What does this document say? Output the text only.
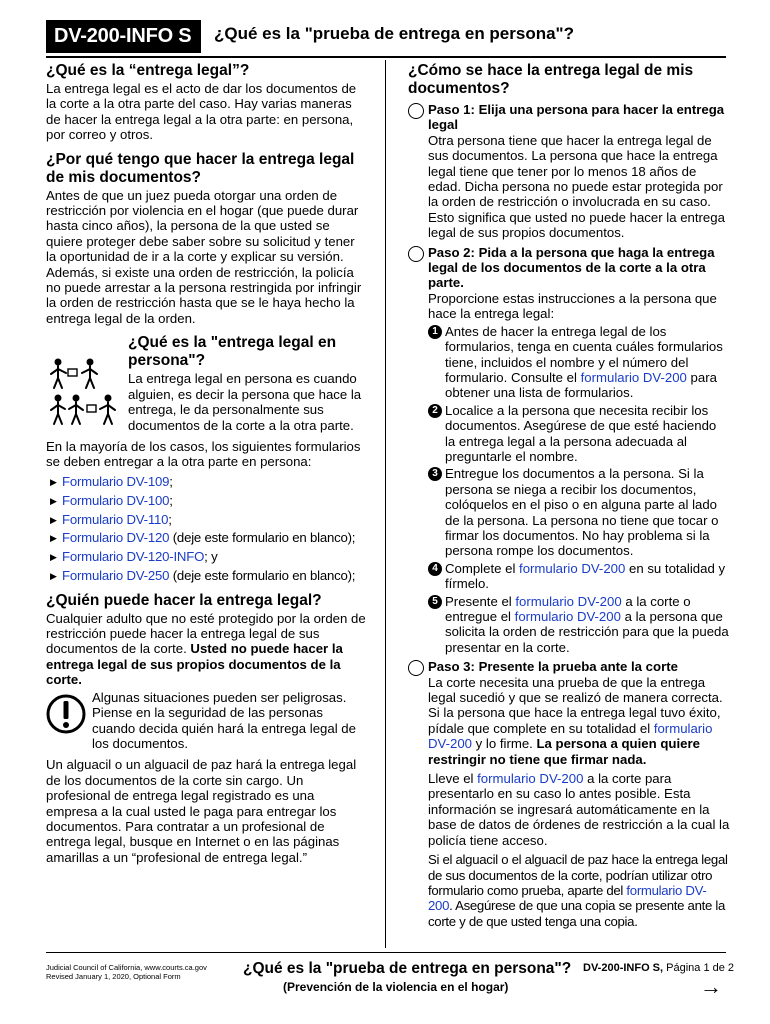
DV-200-INFO S	¿Qué es la "prueba de entrega en persona"?
¿Qué es la “entrega legal”?

La entrega legal es el acto de dar los documentos de la corte a la otra parte del caso. Hay varias maneras de hacer la entrega legal a la otra parte: en persona, por correo y otros.

¿Por qué tengo que hacer la entrega legal de mis documentos?

Antes de que un juez pueda otorgar una orden de restricción por violencia en el hogar (que puede durar hasta cinco años), la persona de la que usted se quiere proteger debe saber sobre su solicitud y tener la oportunidad de ir a la corte y explicar su versión. Además, si existe una orden de restricción, la policía no puede arrestar a la persona restringida por infringir la orden de restricción hasta que se le haya hecho la entrega legal de la orden.

¿Qué es la "entrega legal en persona"?

La entrega legal en persona es cuando alguien, es decir la persona que hace la entrega, le da personalmente sus documentos de la corte a la otra parte.

En la mayoría de los casos, los siguientes formularios se deben entregar a la otra parte en persona:

▶ Formulario DV-109;
▶ Formulario DV-100;
▶ Formulario DV-110;
▶ Formulario DV-120 (deje este formulario en blanco);
▶ Formulario DV-120-INFO; y
▶ Formulario DV-250 (deje este formulario en blanco);
¿Quién puede hacer la entrega legal?

Cualquier adulto que no esté protegido por la orden de restricción puede hacer la entrega legal de sus documentos de la corte. Usted no puede hacer la entrega legal de sus propios documentos de la corte.

Algunas situaciones pueden ser peligrosas. Piense en la seguridad de las personas cuando decida quién hará la entrega legal de los documentos.

Un alguacil o un alguacil de paz hará la entrega legal de los documentos de la corte sin cargo. Un profesional de entrega legal registrado es una empresa a la cual usted le paga para entregar los documentos. Para contratar a un profesional de entrega legal, busque en Internet o en las páginas amarillas a un “profesional de entrega legal.”

¿Cómo se hace la entrega legal de mis documentos?
Paso 1: Elija una persona para hacer la entrega legal

Otra persona tiene que hacer la entrega legal de sus documentos. La persona que hace la entrega legal tiene que tener por lo menos 18 años de edad. Dicha persona no puede estar protegida por la orden de restricción o involucrada en su caso. Esto significa que usted no puede hacer la entrega legal de sus propios documentos.

Paso 2: Pida a la persona que haga la entrega legal de los documentos de la corte a la otra parte.

Proporcione estas instrucciones a la persona que hace la entrega legal:

1 Antes de hacer la entrega legal de los formularios, tenga en cuenta cuáles formularios tiene, incluidos el nombre y el número del formulario. Consulte el formulario DV-200 para obtener una lista de formularios.
2 Localice a la persona que necesita recibir los documentos. Asegúrese de que esté haciendo la entrega legal a la persona adecuada al preguntarle el nombre.
3 Entregue los documentos a la persona. Si la persona se niega a recibir los documentos, colóquelos en el piso o en alguna parte al lado de la persona. La persona no tiene que tocar o firmar los documentos. No hay problema si la persona rompe los documentos.
4 Complete el formulario DV-200 en su totalidad y fírmelo.
5 Presente el formulario DV-200 a la corte o entregue el formulario DV-200 a la persona que solicita la orden de restricción para que la pueda presentar en la corte.
Paso 3: Presente la prueba ante la corte

La corte necesita una prueba de que la entrega legal sucedió y que se realizó de manera correcta. Si la persona que hace la entrega legal tuvo éxito, pídale que complete en su totalidad el formulario DV-200 y lo firme. La persona a quien quiere restringir no tiene que firmar nada.

Lleve el formulario DV-200 a la corte para presentarlo en su caso lo antes posible. Esta información se ingresará automáticamente en la base de datos de órdenes de restricción a la cual la policía tiene acceso.

Si el alguacil o el alguacil de paz hace la entrega legal de sus documentos de la corte, podrían utilizar otro formulario como prueba, aparte del formulario DV-200. Asegúrese de que una copia se presente ante la corte y de que usted tenga una copia.

Judicial Council of California, www.courts.ca.gov
Revised January 1, 2020, Optional Form	¿Qué es la "prueba de entrega en persona"?
(Prevención de la violencia en el hogar)
DV-200-INFO S, Página 1 de 2
→
